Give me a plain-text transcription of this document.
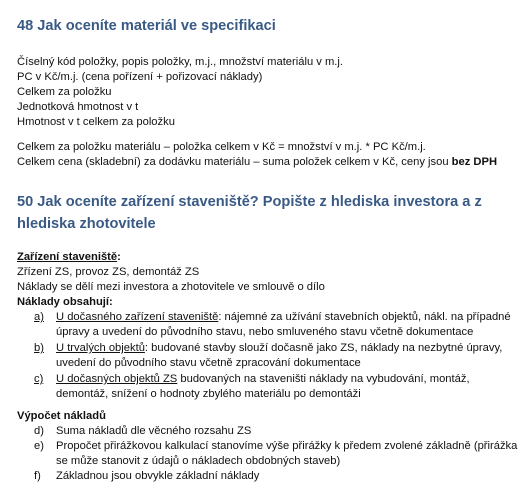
48 Jak oceníte materiál ve specifikaci
Číselný kód položky, popis položky, m.j., množství materiálu v m.j.
PC v Kč/m.j. (cena pořízení + pořizovací náklady)
Celkem za položku
Jednotková hmotnost v t
Hmotnost v t celkem za položku
Celkem za položku materiálu – položka celkem v Kč = množství v m.j. * PC Kč/m.j.
Celkem cena (skladební) za dodávku materiálu – suma položek celkem v Kč, ceny jsou bez DPH
50 Jak oceníte zařízení staveniště? Popište z hlediska investora a z hlediska zhotovitele
Zařízení staveniště:
Zřízení ZS, provoz ZS, demontáž ZS
Náklady se dělí mezi investora a zhotovitele ve smlouvě o dílo
Náklady obsahují:
a) U dočasného zařízení staveniště: nájemné za užívání stavebních objektů, nákl. na případné
úpravy a uvedení do původního stavu, nebo smluveného stavu včetně dokumentace
b) U trvalých objektů: budované stavby slouží dočasně jako ZS, náklady na nezbytné úpravy,
uvedení do původního stavu včetně zpracování dokumentace
c) U dočasných objektů ZS budovaných na staveništi náklady na vybudování, montáž,
demontáž, snížení o hodnoty zbylého materiálu po demontáži
Výpočet nákladů
d) Suma nákladů dle věcného rozsahu ZS
e) Propočet přirážkovou kalkulací stanovíme výše přirážky k předem zvolené základně (přirážka
se může stanovit z údajů o nákladech obdobných staveb)
f) Základnou jsou obvykle základní náklady
